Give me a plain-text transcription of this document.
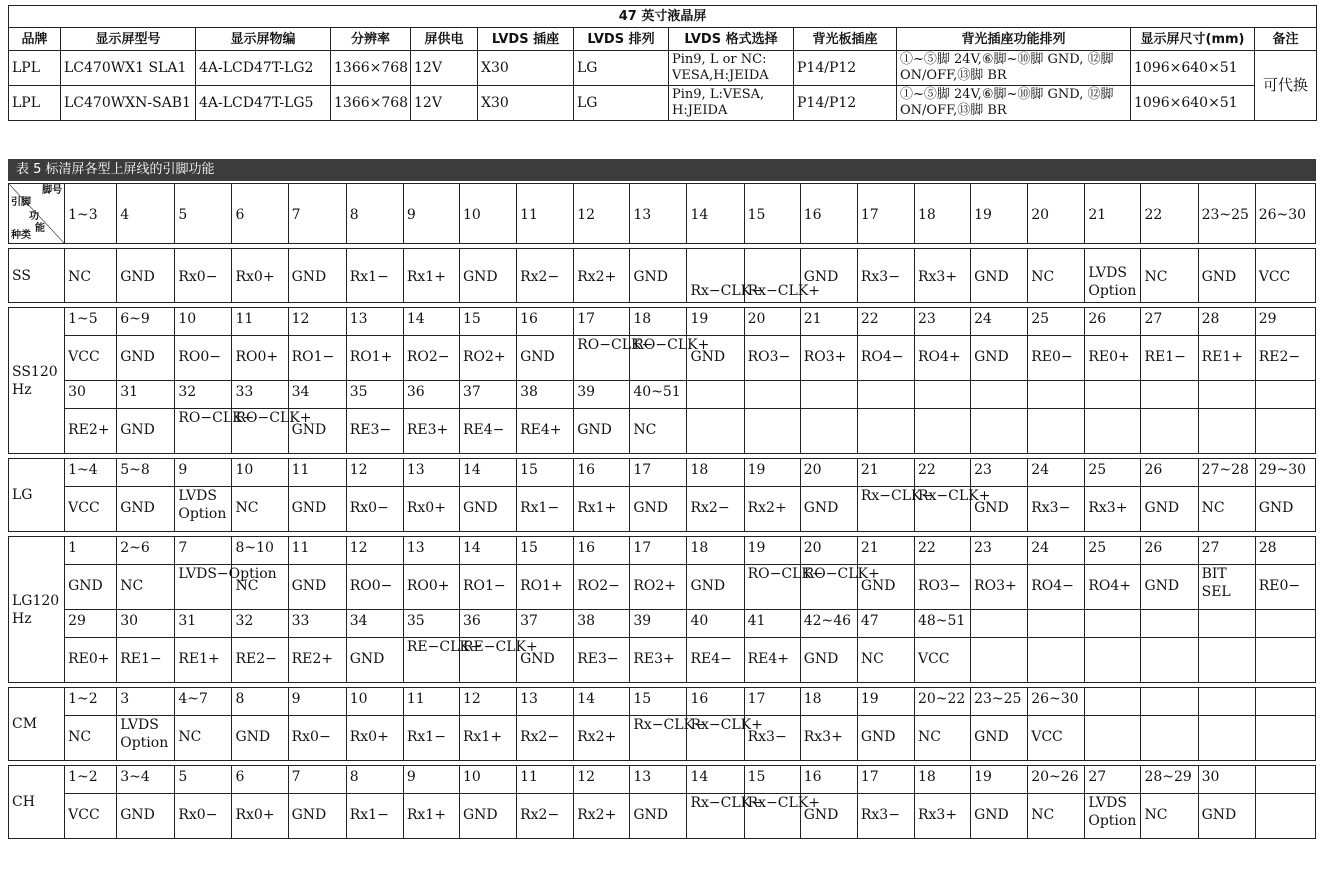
47 英寸液晶屏											
品牌	显示屏型号	显示屏物编	分辨率	屏供电	LVDS 插座	LVDS 排列	LVDS 格式选择	背光板插座	背光插座功能排列	显示屏尺寸(mm)	备注
LPL	LC470WX1 SLA1	4A-LCD47T-LG2	1366×768	12V	X30	LG	Pin9, L or NC: VESA,H:JEIDA	P14/P12	①~⑤脚 24V,⑥脚~⑩脚 GND, ⑫脚 ON/OFF,⑬脚 BR	1096×640×51	可代换
LPL	LC470WXN-SAB1	4A-LCD47T-LG5	1366×768	12V	X30	LG	Pin9, L:VESA, H:JEIDA	P14/P12	①~⑤脚 24V,⑥脚~⑩脚 GND, ⑫脚 ON/OFF,⑬脚 BR	1096×640×51	
表 5 标清屏各型上屏线的引脚功能
脚号
引脚
功
能
种类	1~3	4	5	6	7	8	9	10	11	12	13	14	15	16	17	18	19	20	21	22	23~25	26~30

SS	NC	GND	Rx0−	Rx0+	GND	Rx1−	Rx1+	GND	Rx2−	Rx2+	GND	Rx−CLK−	Rx−CLK+	GND	Rx3−	Rx3+	GND	NC	LVDS Option	NC	GND	VCC

SS120 Hz	1~5	6~9	10	11	12	13	14	15	16	17	18	19	20	21	22	23	24	25	26	27	28	29
	VCC	GND	RO0−	RO0+	RO1−	RO1+	RO2−	RO2+	GND	RO−CLK−	RO−CLK+	GND	RO3−	RO3+	RO4−	RO4+	GND	RE0−	RE0+	RE1−	RE1+	RE2−
	30	31	32	33	34	35	36	37	38	39	40~51											
	RE2+	GND	RO−CLK−	RO−CLK+	GND	RE3−	RE3+	RE4−	RE4+	GND	NC											

LG	1~4	5~8	9	10	11	12	13	14	15	16	17	18	19	20	21	22	23	24	25	26	27~28	29~30
	VCC	GND	LVDS Option	NC	GND	Rx0−	Rx0+	GND	Rx1−	Rx1+	GND	Rx2−	Rx2+	GND	Rx−CLK−	Rx−CLK+	GND	Rx3−	Rx3+	GND	NC	GND

LG120 Hz	1	2~6	7	8~10	11	12	13	14	15	16	17	18	19	20	21	22	23	24	25	26	27	28
	GND	NC	LVDS−Option	NC	GND	RO0−	RO0+	RO1−	RO1+	RO2−	RO2+	GND	RO−CLK−	RO−CLK+	GND	RO3−	RO3+	RO4−	RO4+	GND	BIT SEL	RE0−
	29	30	31	32	33	34	35	36	37	38	39	40	41	42~46	47	48~51						
	RE0+	RE1−	RE1+	RE2−	RE2+	GND	RE−CLK−	RE−CLK+	GND	RE3−	RE3+	RE4−	RE4+	GND	NC	VCC						

CM	1~2	3	4~7	8	9	10	11	12	13	14	15	16	17	18	19	20~22	23~25	26~30				
	NC	LVDS Option	NC	GND	Rx0−	Rx0+	Rx1−	Rx1+	Rx2−	Rx2+	Rx−CLK−	Rx−CLK+	Rx3−	Rx3+	GND	NC	GND	VCC				

CH	1~2	3~4	5	6	7	8	9	10	11	12	13	14	15	16	17	18	19	20~26	27	28~29	30	
	VCC	GND	Rx0−	Rx0+	GND	Rx1−	Rx1+	GND	Rx2−	Rx2+	GND	Rx−CLK−	Rx−CLK+	GND	Rx3−	Rx3+	GND	NC	LVDS Option	NC	GND	
